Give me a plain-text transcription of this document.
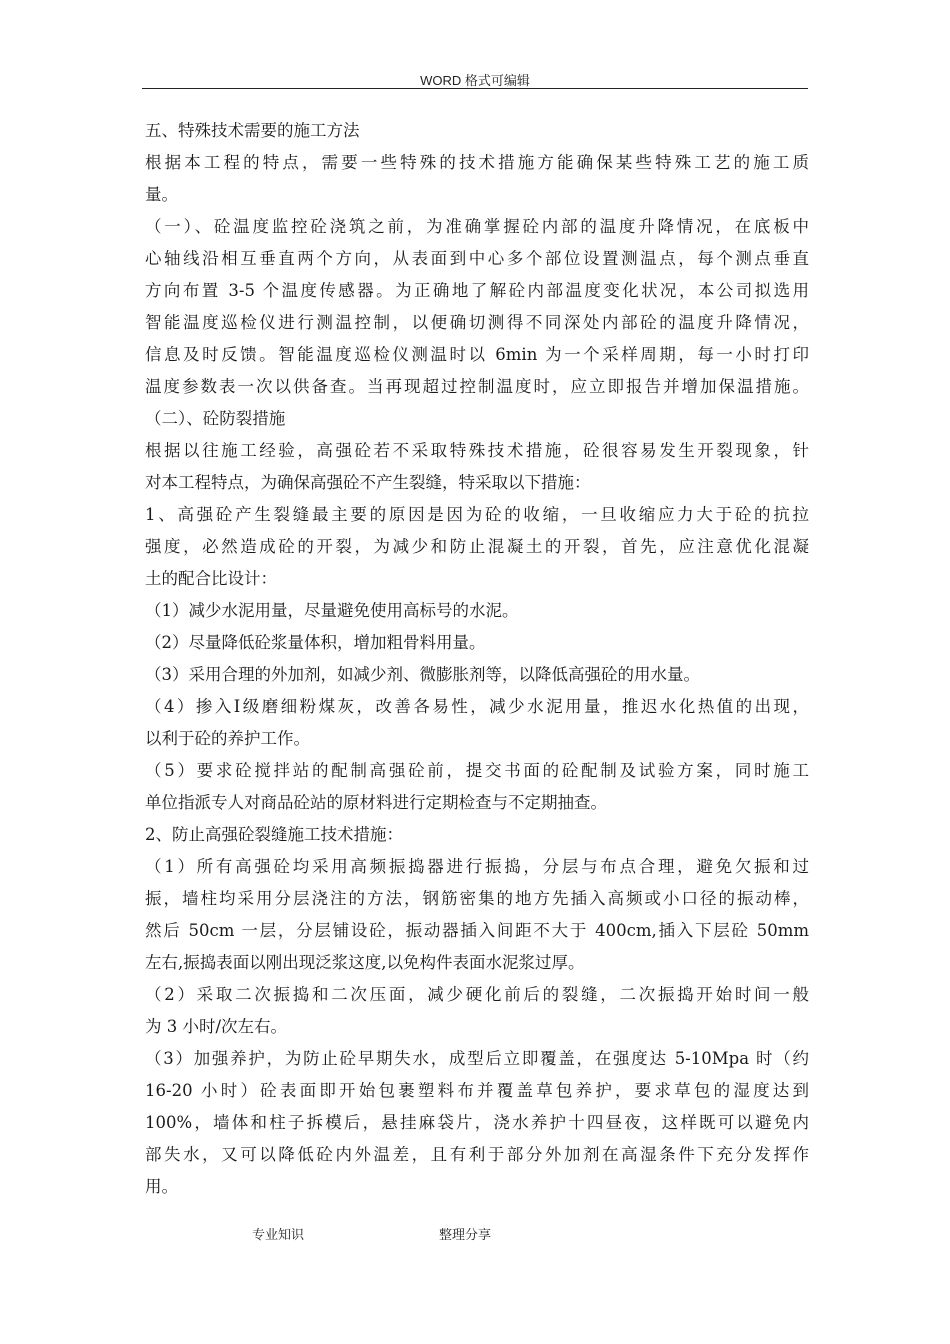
WORD 格式可编辑
五、特殊技术需要的施工方法
根据本工程的特点，需要一些特殊的技术措施方能确保某些特殊工艺的施工质
量。
（一）、砼温度监控砼浇筑之前，为准确掌握砼内部的温度升降情况，在底板中
心轴线沿相互垂直两个方向，从表面到中心多个部位设置测温点，每个测点垂直
方向布置 3-5 个温度传感器。为正确地了解砼内部温度变化状况，本公司拟选用
智能温度巡检仪进行测温控制，以便确切测得不同深处内部砼的温度升降情况，
信息及时反馈。智能温度巡检仪测温时以 6min 为一个采样周期，每一小时打印
温度参数表一次以供备查。当再现超过控制温度时，应立即报告并增加保温措施。
（二）、砼防裂措施
根据以往施工经验，高强砼若不采取特殊技术措施，砼很容易发生开裂现象，针
对本工程特点，为确保高强砼不产生裂缝，特采取以下措施：
1、高强砼产生裂缝最主要的原因是因为砼的收缩，一旦收缩应力大于砼的抗拉
强度，必然造成砼的开裂，为减少和防止混凝土的开裂，首先，应注意优化混凝
土的配合比设计：
（1）减少水泥用量，尽量避免使用高标号的水泥。
（2）尽量降低砼浆量体积，增加粗骨料用量。
（3）采用合理的外加剂，如减少剂、微膨胀剂等，以降低高强砼的用水量。
（4）掺入Ⅰ级磨细粉煤灰，改善各易性，减少水泥用量，推迟水化热值的出现，
以利于砼的养护工作。
（5）要求砼搅拌站的配制高强砼前，提交书面的砼配制及试验方案，同时施工
单位指派专人对商品砼站的原材料进行定期检查与不定期抽查。
2、防止高强砼裂缝施工技术措施：
（1）所有高强砼均采用高频振捣器进行振捣，分层与布点合理，避免欠振和过
振，墙柱均采用分层浇注的方法，钢筋密集的地方先插入高频或小口径的振动棒，
然后 50cm 一层，分层铺设砼，振动器插入间距不大于 400cm,插入下层砼 50mm
左右,振捣表面以刚出现泛浆这度,以免构件表面水泥浆过厚。
（2）采取二次振捣和二次压面，减少硬化前后的裂缝，二次振捣开始时间一般
为 3 小时/次左右。
（3）加强养护，为防止砼早期失水，成型后立即覆盖，在强度达 5-10Mpa 时（约
16-20 小时）砼表面即开始包裹塑料布并覆盖草包养护，要求草包的湿度达到
100%，墙体和柱子拆模后，悬挂麻袋片，浇水养护十四昼夜，这样既可以避免内
部失水，又可以降低砼内外温差，且有利于部分外加剂在高湿条件下充分发挥作
用。
专业知识	整理分享
